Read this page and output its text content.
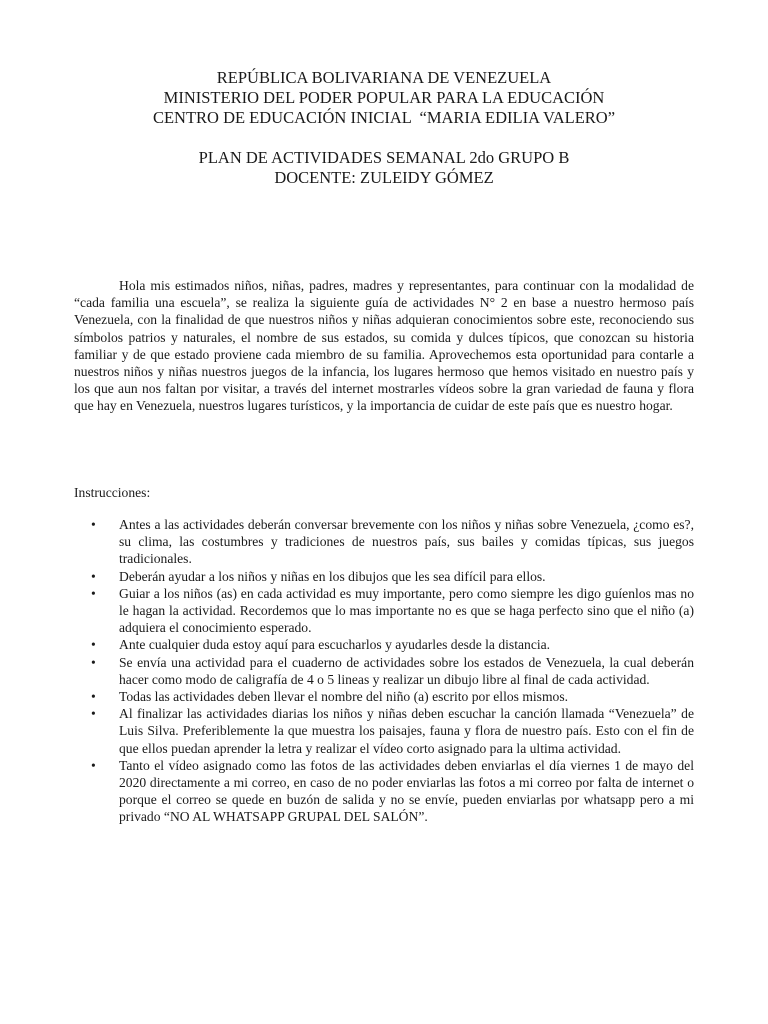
REPÚBLICA BOLIVARIANA DE VENEZUELA
MINISTERIO DEL PODER POPULAR PARA LA EDUCACIÓN
CENTRO DE EDUCACIÓN INICIAL  “MARIA EDILIA VALERO”
PLAN DE ACTIVIDADES SEMANAL 2do GRUPO B
DOCENTE: ZULEIDY GÓMEZ

Hola mis estimados niños, niñas, padres, madres y representantes, para continuar con la modalidad de “cada familia una escuela”, se realiza la siguiente guía de actividades N° 2 en base a nuestro hermoso país Venezuela, con la finalidad de que nuestros niños y niñas adquieran conocimientos sobre este, reconociendo sus símbolos patrios y naturales, el nombre de sus estados, su comida y dulces típicos, que conozcan su historia familiar y de que estado proviene cada miembro de su familia. Aprovechemos esta oportunidad para contarle a nuestros niños y niñas nuestros juegos de la infancia, los lugares hermoso que hemos visitado en nuestro país y los que aun nos faltan por visitar, a través del internet mostrarles vídeos sobre la gran variedad de fauna y flora que hay en Venezuela, nuestros lugares turísticos, y la importancia de cuidar de este país que es nuestro hogar.

Instrucciones:
• Antes a las actividades deberán conversar brevemente con los niños y niñas sobre Venezuela, ¿como es?, su clima, las costumbres y tradiciones de nuestros país, sus bailes y comidas típicas, sus juegos tradicionales.
• Deberán ayudar a los niños y niñas en los dibujos que les sea difícil para ellos.
• Guiar a los niños (as) en cada actividad es muy importante, pero como siempre les digo guíenlos mas no le hagan la actividad. Recordemos que lo mas importante no es que se haga perfecto sino que el niño (a) adquiera el conocimiento esperado.
• Ante cualquier duda estoy aquí para escucharlos y ayudarles desde la distancia.
• Se envía una actividad para el cuaderno de actividades sobre los estados de Venezuela, la cual deberán hacer como modo de caligrafía de 4 o 5 lineas y realizar un dibujo libre al final de cada actividad.
• Todas las actividades deben llevar el nombre del niño (a) escrito por ellos mismos.
• Al finalizar las actividades diarias los niños y niñas deben escuchar la canción llamada “Venezuela” de Luis Silva. Preferiblemente la que muestra los paisajes, fauna y flora de nuestro país. Esto con el fin de que ellos puedan aprender la letra y realizar el vídeo corto asignado para la ultima actividad.
• Tanto el vídeo asignado como las fotos de las actividades deben enviarlas el día viernes 1 de mayo del 2020 directamente a mi correo, en caso de no poder enviarlas las fotos a mi correo por falta de internet o porque el correo se quede en buzón de salida y no se envíe, pueden enviarlas por whatsapp pero a mi privado “NO AL WHATSAPP GRUPAL DEL SALÓN”.
